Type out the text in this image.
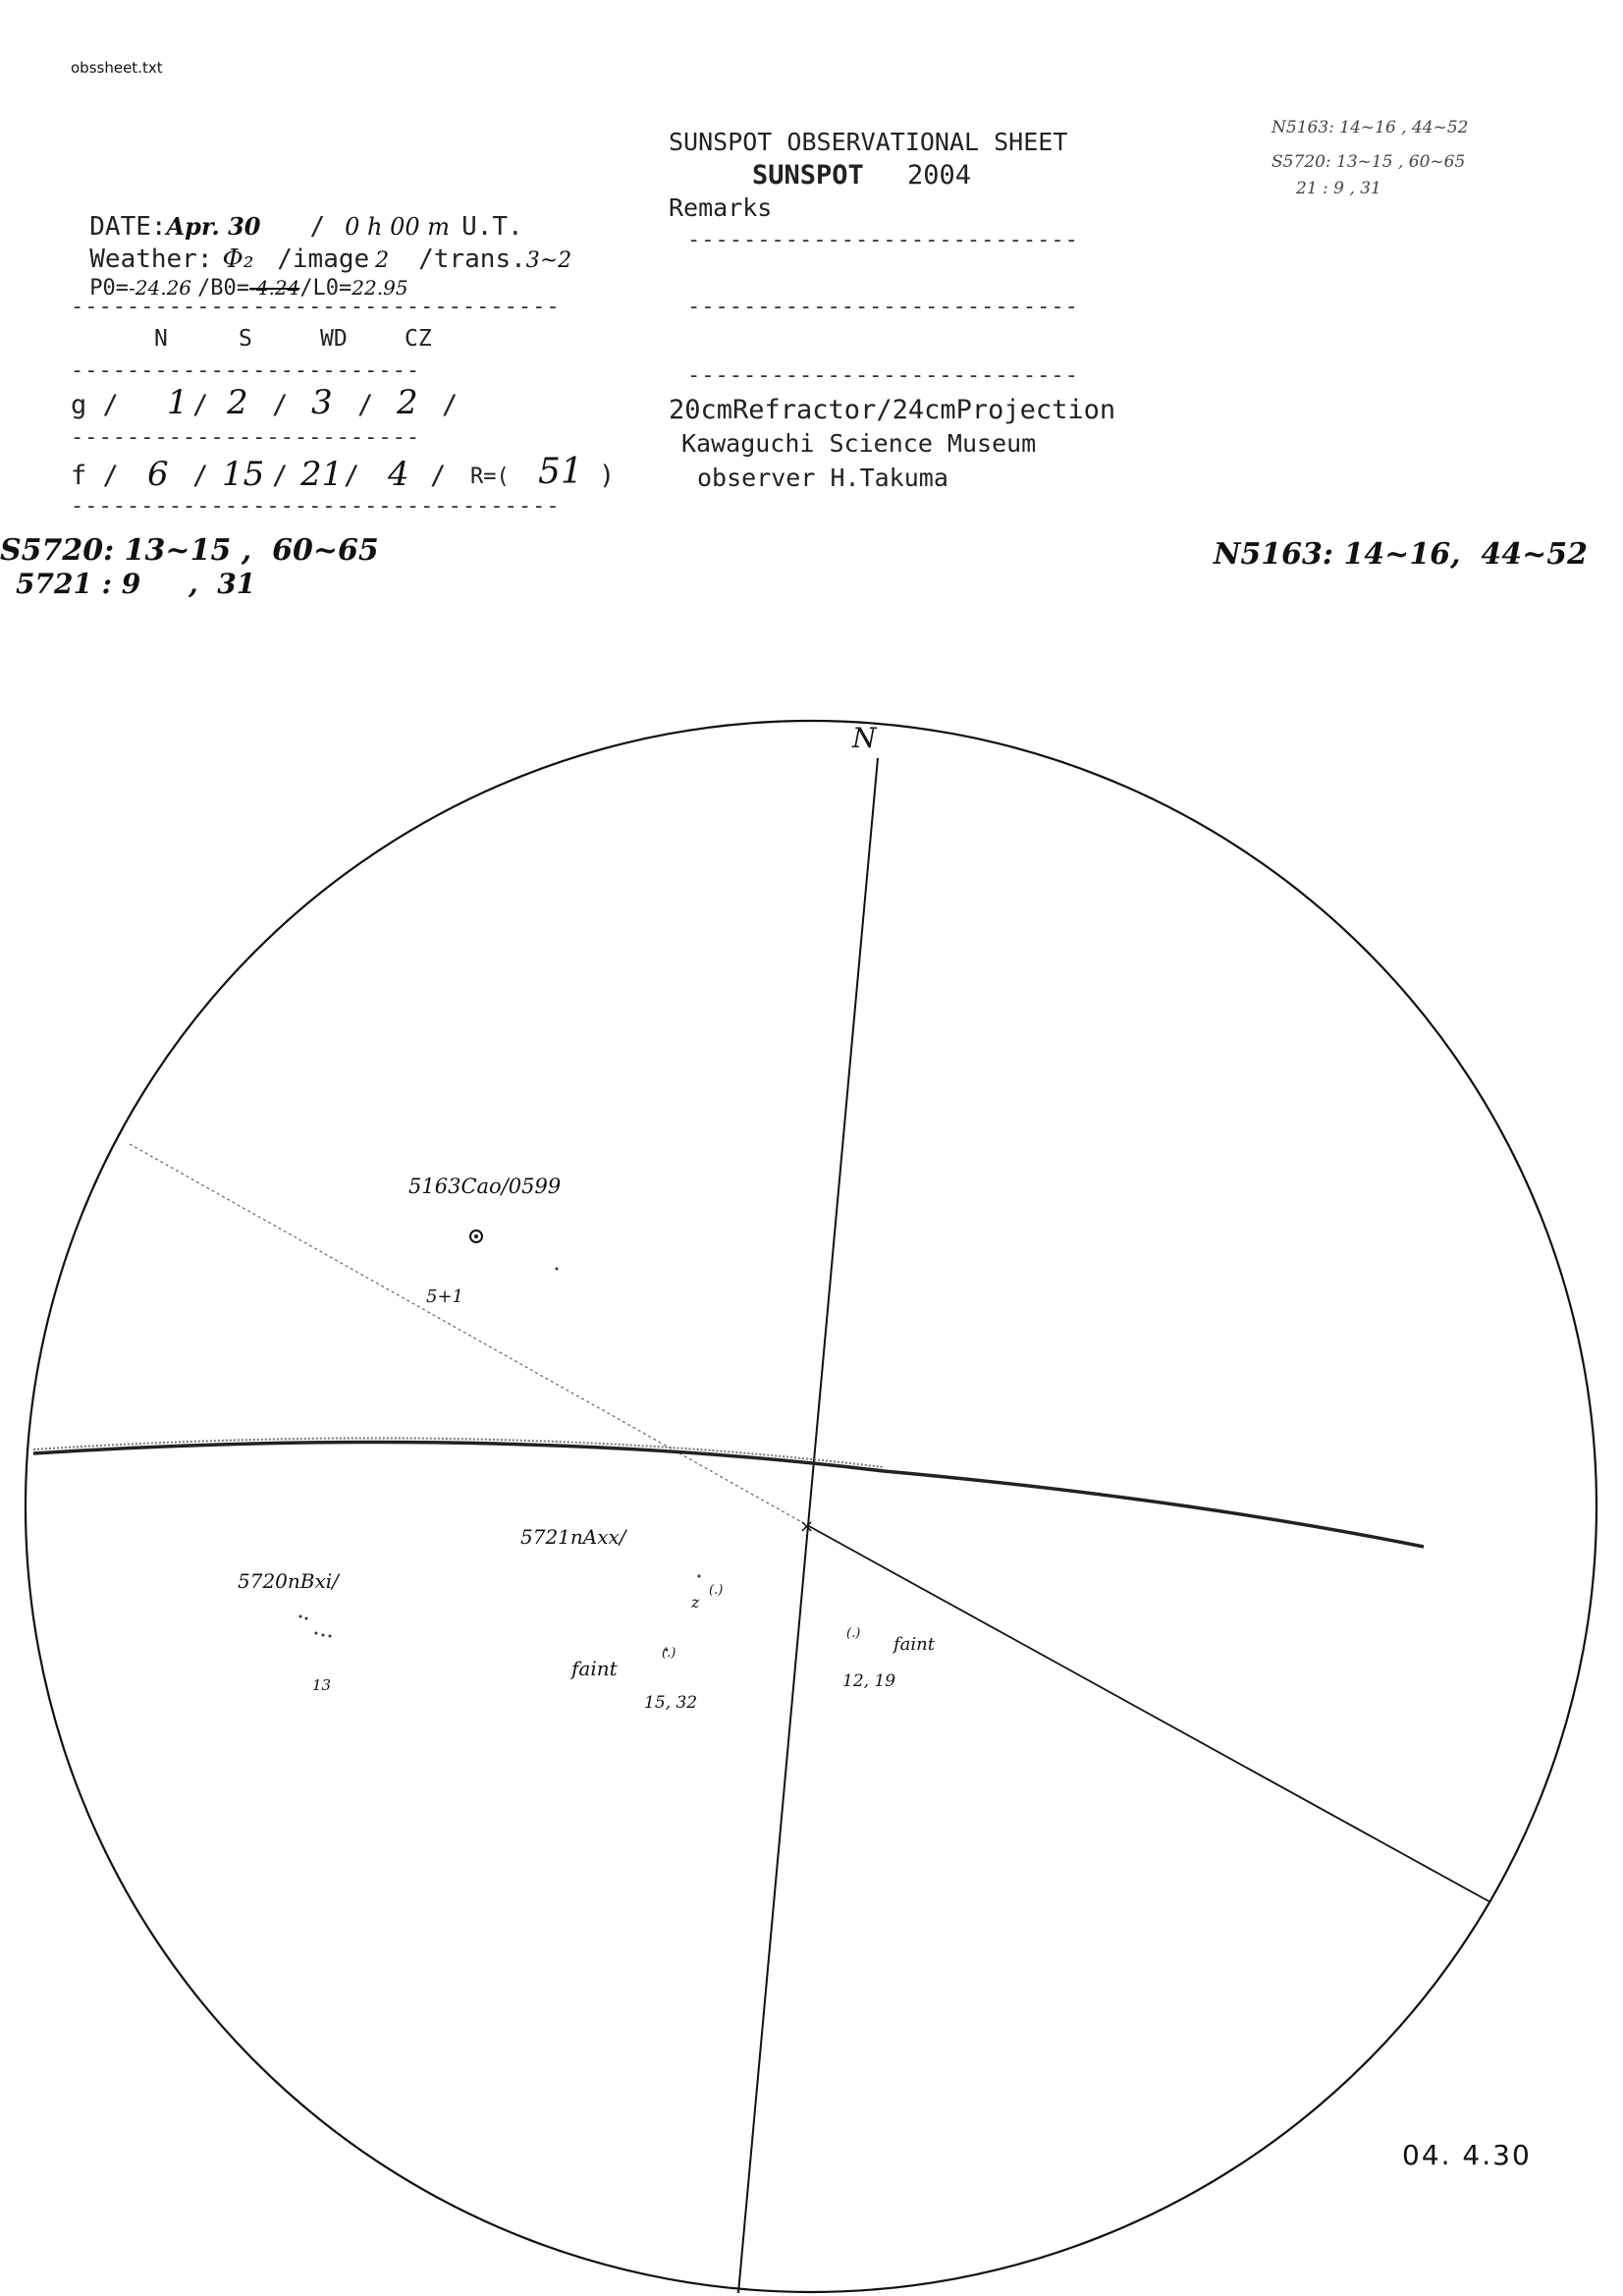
×
obssheet.txt
SUNSPOT OBSERVATIONAL SHEET
SUNSPOT 2004
Remarks

DATE:Apr. 30 / 0 h 00 m U.T.

Weather: Φ₂ /image 2 /trans.3~2

P0=-24.26 /B0=-4.24/L0=22.95

-----------------------------------
-------------------------
-------------------------
-----------------------------------
N	S	WD	CZ
g / 1 / 2 / 3 / 2 /
f / 6 / 15 / 21 / 4 / R=( 51 )
----------------------------
----------------------------
----------------------------
20cmRefractor/24cmProjection
Kawaguchi Science Museum
observer H.Takuma
N5163: 14~16 , 44~52
S5720: 13~15 , 60~65
21 : 9 , 31
S5720: 13~15 ,  60~65
5721 : 9     ,  31
N5163: 14~16,  44~52
N
5163Cao/0599
5+1
5721nAxx/
z
(.)
(.)
faint
15, 32
5720nBxi/
13
(.)
faint
12, 19
04. 4.30
